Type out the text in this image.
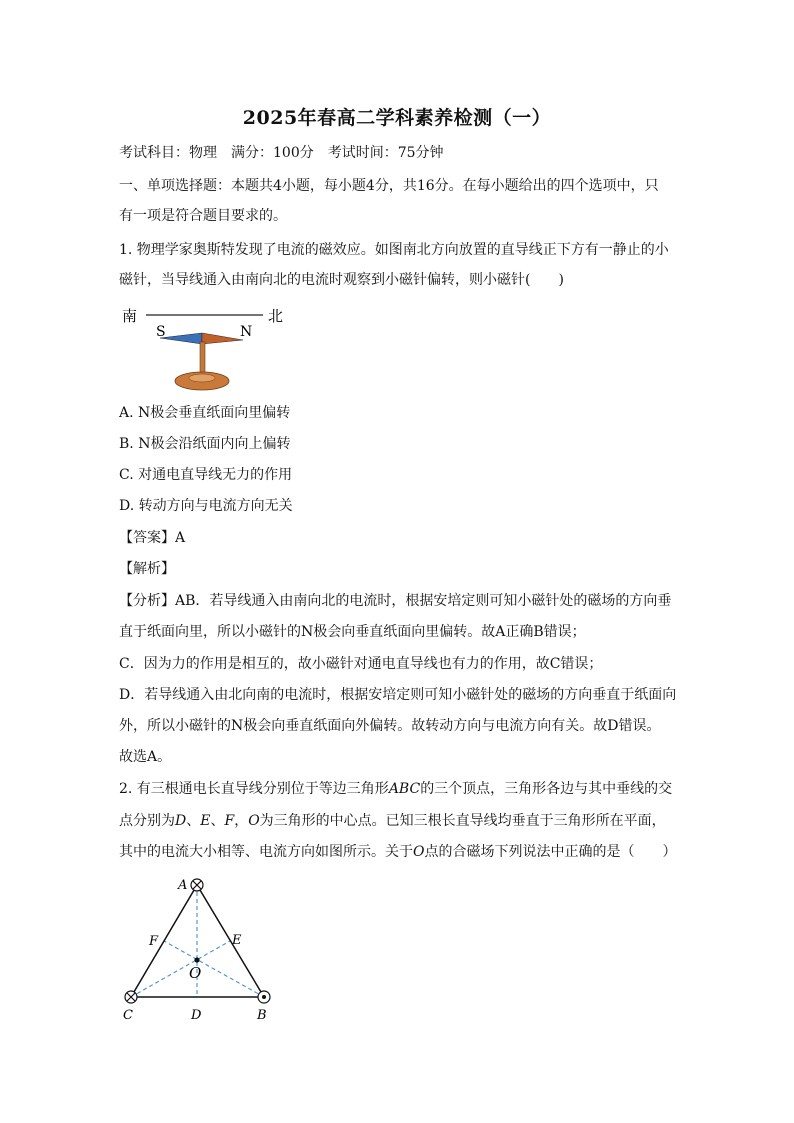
2025年春高二学科素养检测（一）
考试科目：物理　满分：100分　考试时间：75分钟
一、单项选择题：本题共4小题，每小题4分，共16分。在每小题给出的四个选项中，只
有一项是符合题目要求的。
1. 物理学家奥斯特发现了电流的磁效应。如图南北方向放置的直导线正下方有一静止的小
磁针，当导线通入由南向北的电流时观察到小磁针偏转，则小磁针(　　)
南	北
S	N
A. N极会垂直纸面向里偏转
B. N极会沿纸面内向上偏转
C. 对通电直导线无力的作用
D. 转动方向与电流方向无关
【答案】A
【解析】
【分析】AB．若导线通入由南向北的电流时，根据安培定则可知小磁针处的磁场的方向垂
直于纸面向里，所以小磁针的N极会向垂直纸面向里偏转。故A正确B错误；
C．因为力的作用是相互的，故小磁针对通电直导线也有力的作用，故C错误；
D．若导线通入由北向南的电流时，根据安培定则可知小磁针处的磁场的方向垂直于纸面向
外，所以小磁针的N极会向垂直纸面向外偏转。故转动方向与电流方向有关。故D错误。
故选A。
2. 有三根通电长直导线分别位于等边三角形ABC的三个顶点，三角形各边与其中垂线的交
点分别为D、E、F，O为三角形的中心点。已知三根长直导线均垂直于三角形所在平面，
其中的电流大小相等、电流方向如图所示。关于O点的合磁场下列说法中正确的是（　　）
A
F	E
O
C	D	B
